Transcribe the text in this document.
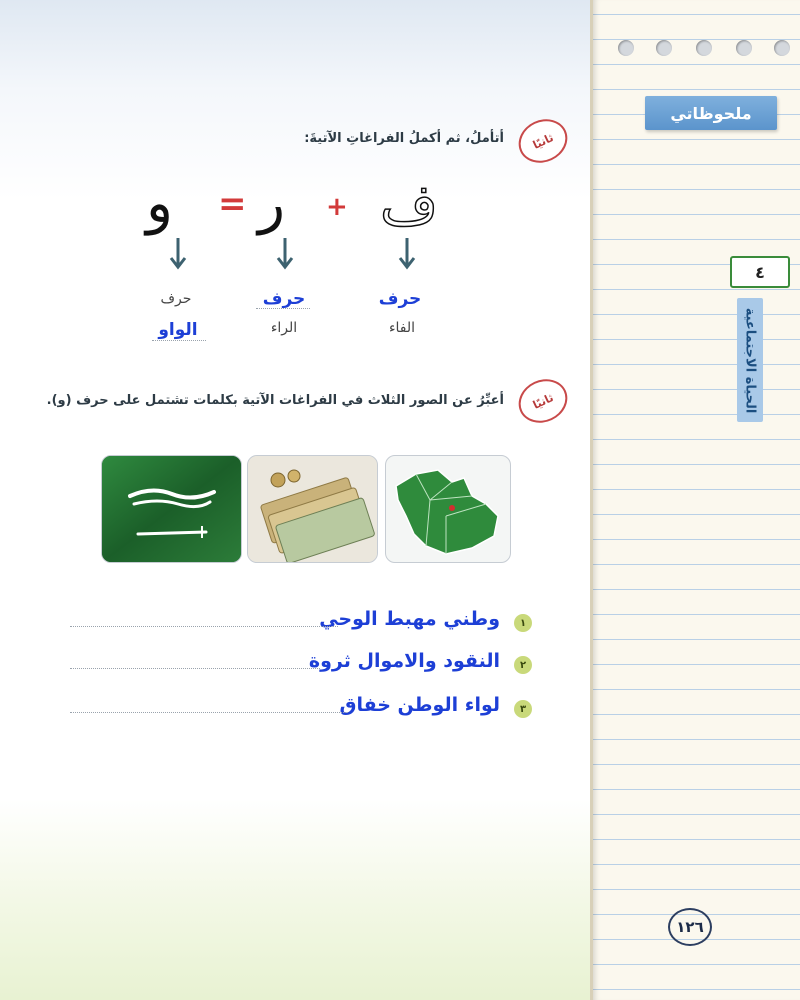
ملحوظاتي
٤
الحياة الاجتماعية
١٢٦
ثانيًا
أتأملُ، ثم أكملُ الفراغاتِ الآتيةَ:
ف
+
ر
=
و
حرف
الفاء
حرف
الراء
حرف
الواو
ثانيًا
أعبِّرُ عن الصور الثلاث في الفراغات الآتية بكلمات تشتمل على حرف (و).
١
وطني مهبط الوحي
٢
النقود والاموال ثروة
٣
لواء الوطن خفاق
